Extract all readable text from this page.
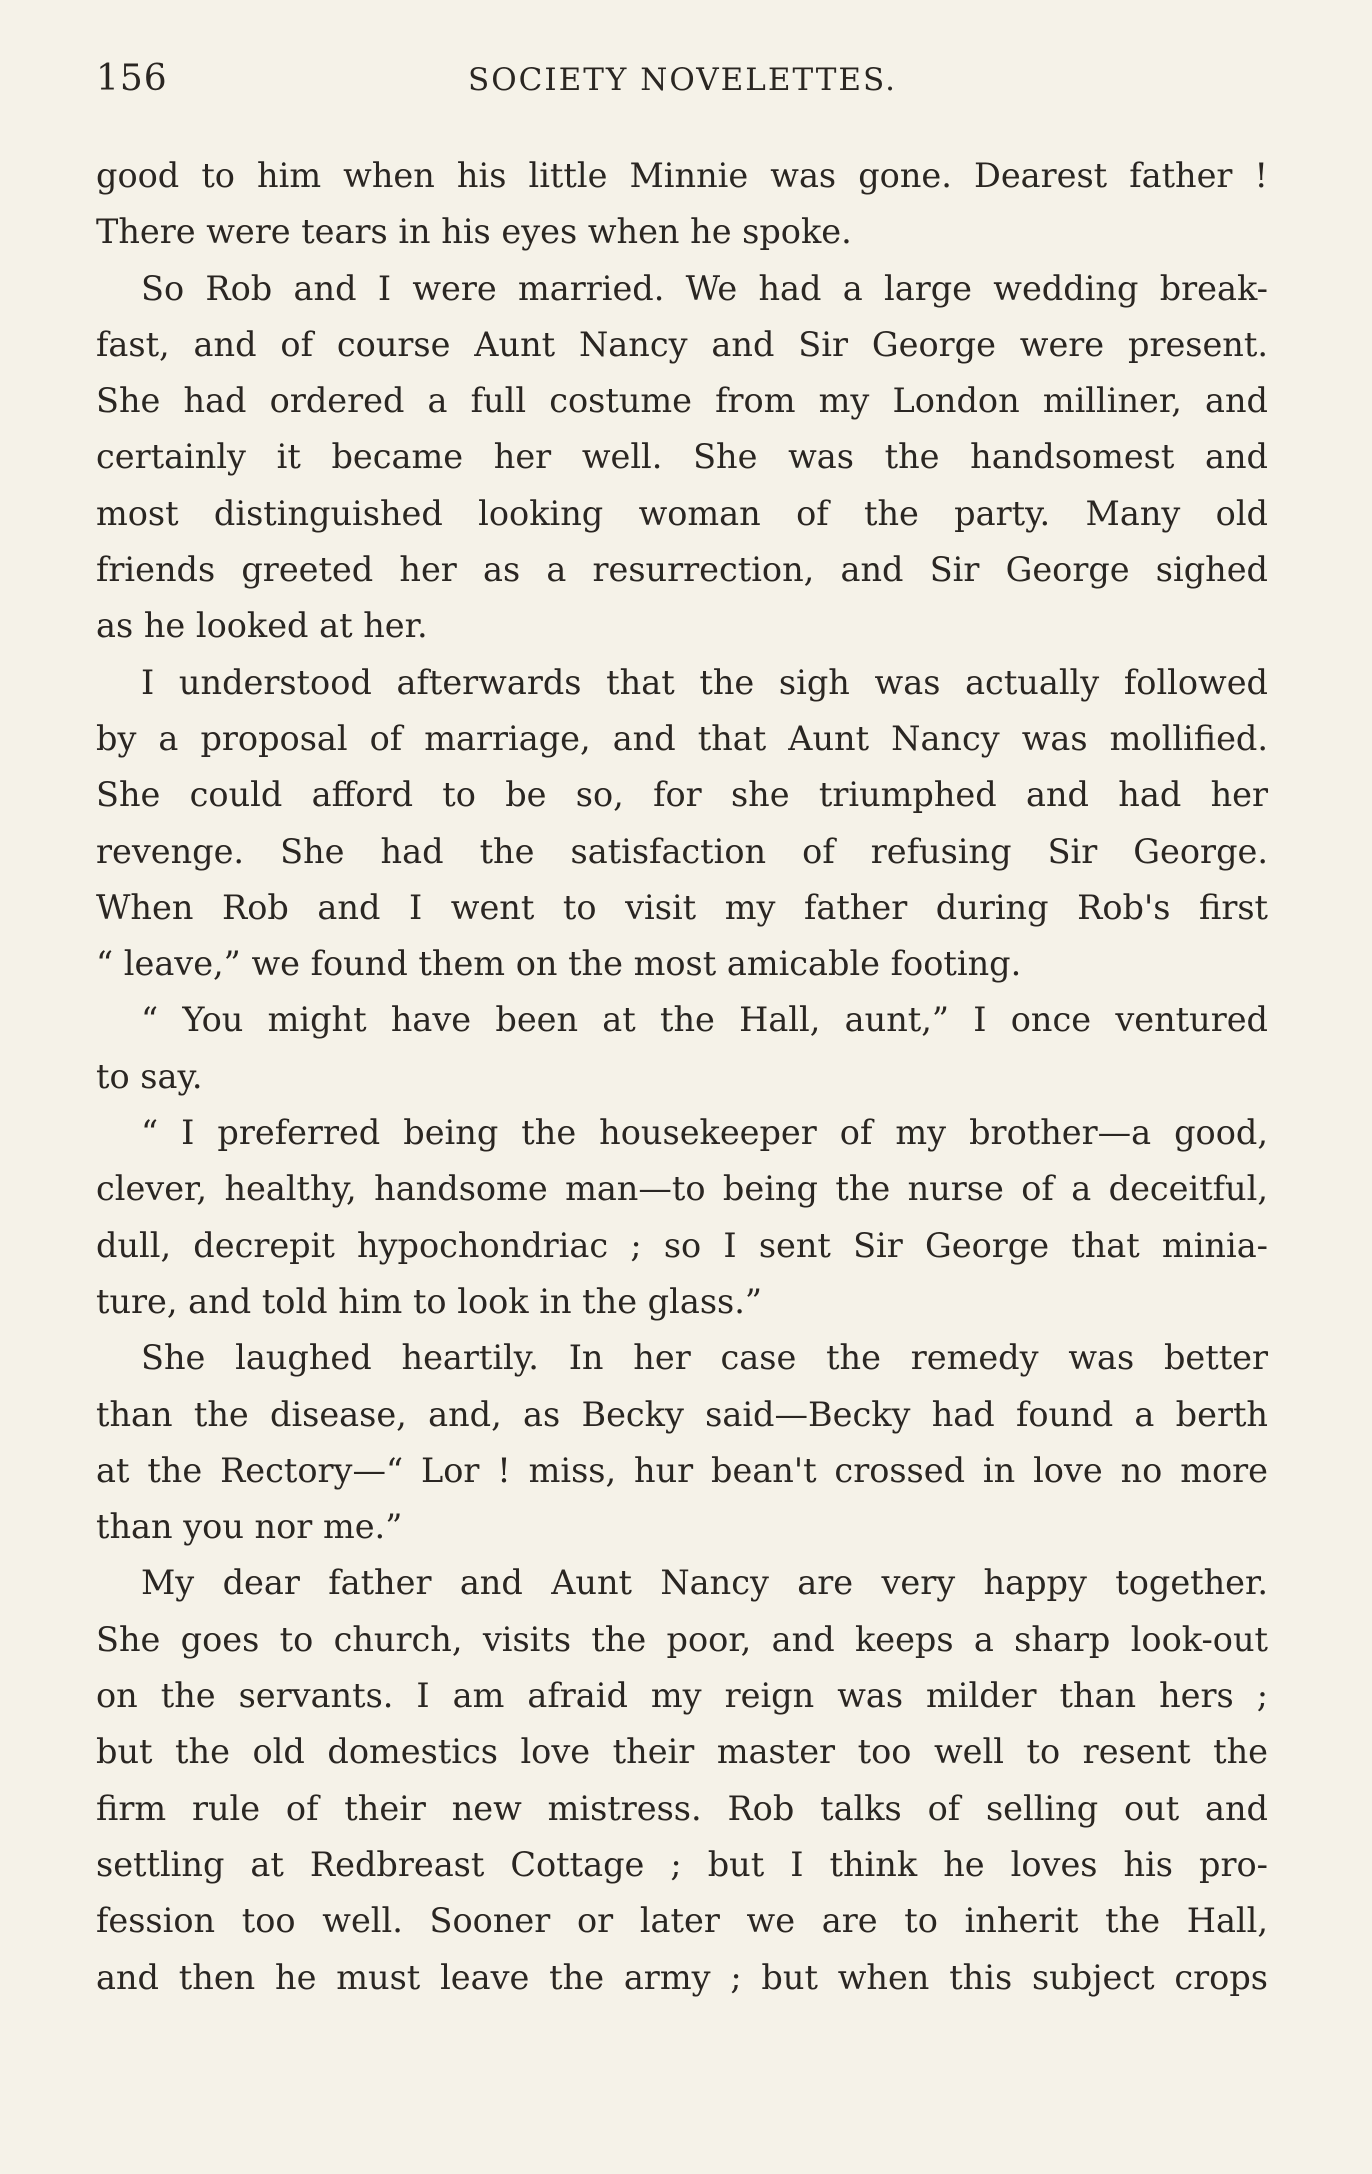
156	SOCIETY NOVELETTES.
good to him when his little Minnie was gone. Dearest father !
There were tears in his eyes when he spoke.
So Rob and I were married. We had a large wedding break-
fast, and of course Aunt Nancy and Sir George were present.
She had ordered a full costume from my London milliner, and
certainly it became her well. She was the handsomest and
most distinguished looking woman of the party. Many old
friends greeted her as a resurrection, and Sir George sighed
as he looked at her.
I understood afterwards that the sigh was actually followed
by a proposal of marriage, and that Aunt Nancy was mollified.
She could afford to be so, for she triumphed and had her
revenge. She had the satisfaction of refusing Sir George.
When Rob and I went to visit my father during Rob's first
“ leave,” we found them on the most amicable footing.
“ You might have been at the Hall, aunt,” I once ventured
to say.
“ I preferred being the housekeeper of my brother—a good,
clever, healthy, handsome man—to being the nurse of a deceitful,
dull, decrepit hypochondriac ; so I sent Sir George that minia-
ture, and told him to look in the glass.”
She laughed heartily. In her case the remedy was better
than the disease, and, as Becky said—Becky had found a berth
at the Rectory—“ Lor ! miss, hur bean't crossed in love no more
than you nor me.”
My dear father and Aunt Nancy are very happy together.
She goes to church, visits the poor, and keeps a sharp look-out
on the servants. I am afraid my reign was milder than hers ;
but the old domestics love their master too well to resent the
firm rule of their new mistress. Rob talks of selling out and
settling at Redbreast Cottage ; but I think he loves his pro-
fession too well. Sooner or later we are to inherit the Hall,
and then he must leave the army ; but when this subject crops
